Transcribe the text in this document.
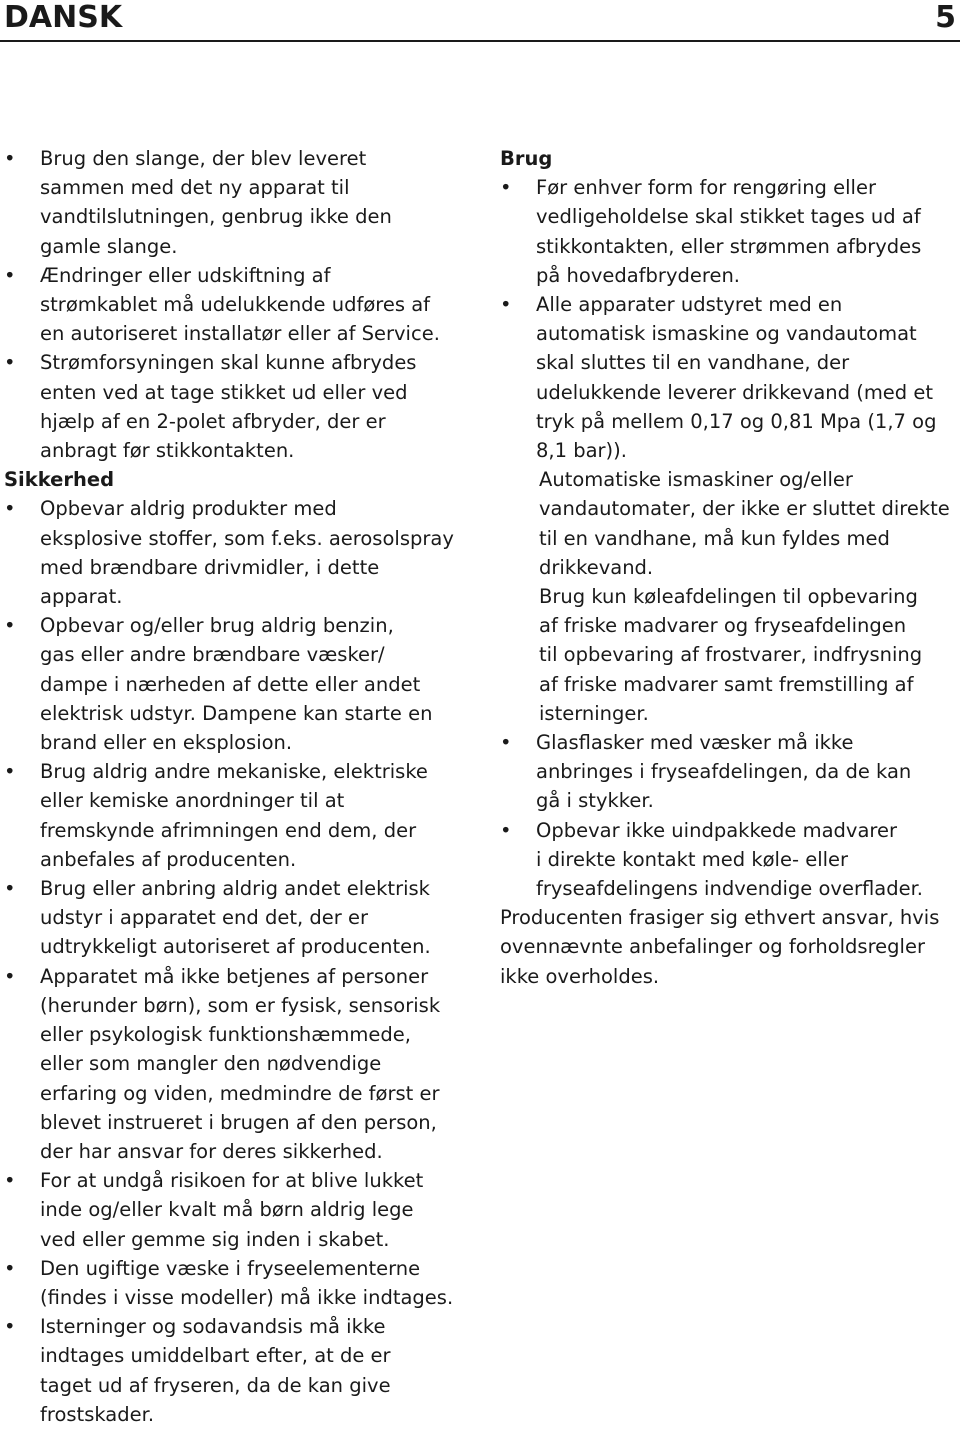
DANSK	5
•	Brug den slange, der blev leveret
sammen med det ny apparat til
vandtilslutningen, genbrug ikke den
gamle slange.
•	Ændringer eller udskiftning af
strømkablet må udelukkende udføres af
en autoriseret installatør eller af Service.
•	Strømforsyningen skal kunne afbrydes
enten ved at tage stikket ud eller ved
hjælp af en 2-polet afbryder, der er
anbragt før stikkontakten.
Sikkerhed
•	Opbevar aldrig produkter med
eksplosive stoffer, som f.eks. aerosolspray
med brændbare drivmidler, i dette
apparat.
•	Opbevar og/eller brug aldrig benzin,
gas eller andre brændbare væsker/
dampe i nærheden af dette eller andet
elektrisk udstyr. Dampene kan starte en
brand eller en eksplosion.
•	Brug aldrig andre mekaniske, elektriske
eller kemiske anordninger til at
fremskynde afrimningen end dem, der
anbefales af producenten.
•	Brug eller anbring aldrig andet elektrisk
udstyr i apparatet end det, der er
udtrykkeligt autoriseret af producenten.
•	Apparatet må ikke betjenes af personer
(herunder børn), som er fysisk, sensorisk
eller psykologisk funktionshæmmede,
eller som mangler den nødvendige
erfaring og viden, medmindre de først er
blevet instrueret i brugen af den person,
der har ansvar for deres sikkerhed.
•	For at undgå risikoen for at blive lukket
inde og/eller kvalt må børn aldrig lege
ved eller gemme sig inden i skabet.
•	Den ugiftige væske i fryseelementerne
(findes i visse modeller) må ikke indtages.
•	Isterninger og sodavandsis må ikke
indtages umiddelbart efter, at de er
taget ud af fryseren, da de kan give
frostskader.
Brug
•	Før enhver form for rengøring eller
vedligeholdelse skal stikket tages ud af
stikkontakten, eller strømmen afbrydes
på hovedafbryderen.
•	Alle apparater udstyret med en
automatisk ismaskine og vandautomat
skal sluttes til en vandhane, der
udelukkende leverer drikkevand (med et
tryk på mellem 0,17 og 0,81 Mpa (1,7 og
8,1 bar)).
Automatiske ismaskiner og/eller
vandautomater, der ikke er sluttet direkte
til en vandhane, må kun fyldes med
drikkevand.
Brug kun køleafdelingen til opbevaring
af friske madvarer og fryseafdelingen
til opbevaring af frostvarer, indfrysning
af friske madvarer samt fremstilling af
isterninger.
•	Glasflasker med væsker må ikke
anbringes i fryseafdelingen, da de kan
gå i stykker.
•	Opbevar ikke uindpakkede madvarer
i direkte kontakt med køle- eller
fryseafdelingens indvendige overflader.
Producenten frasiger sig ethvert ansvar, hvis
ovennævnte anbefalinger og forholdsregler
ikke overholdes.
